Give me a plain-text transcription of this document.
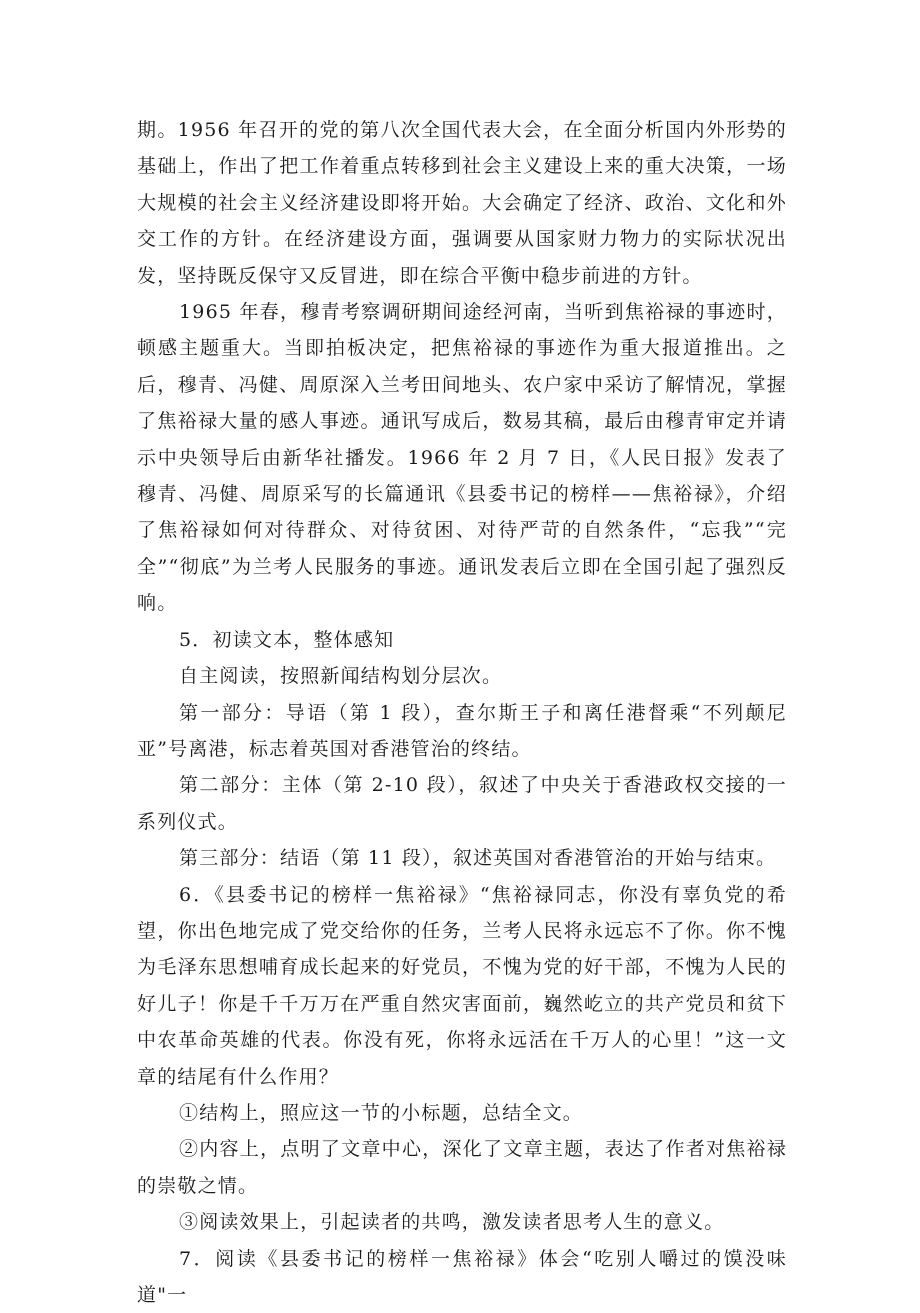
期。1956 年召开的党的第八次全国代表大会，在全面分析国内外形势的基础上，作出了把工作着重点转移到社会主义建设上来的重大决策，一场大规模的社会主义经济建设即将开始。大会确定了经济、政治、文化和外交工作的方针。在经济建设方面，强调要从国家财力物力的实际状况出发，坚持既反保守又反冒进，即在综合平衡中稳步前进的方针。

1965 年春，穆青考察调研期间途经河南，当听到焦裕禄的事迹时，顿感主题重大。当即拍板决定，把焦裕禄的事迹作为重大报道推出。之后，穆青、冯健、周原深入兰考田间地头、农户家中采访了解情况，掌握了焦裕禄大量的感人事迹。通讯写成后，数易其稿，最后由穆青审定并请示中央领导后由新华社播发。1966 年 2 月 7 日，《人民日报》发表了穆青、冯健、周原采写的长篇通讯《县委书记的榜样——焦裕禄》，介绍了焦裕禄如何对待群众、对待贫困、对待严苛的自然条件，“忘我”“完全”“彻底”为兰考人民服务的事迹。通讯发表后立即在全国引起了强烈反响。

5．初读文本，整体感知

自主阅读，按照新闻结构划分层次。

第一部分：导语（第 1 段），查尔斯王子和离任港督乘“不列颠尼亚”号离港，标志着英国对香港管治的终结。

第二部分：主体（第 2-10 段），叙述了中央关于香港政权交接的一系列仪式。

第三部分：结语（第 11 段），叙述英国对香港管治的开始与结束。

6．《县委书记的榜样一焦裕禄》“焦裕禄同志，你没有辜负党的希望，你出色地完成了党交给你的任务，兰考人民将永远忘不了你。你不愧为毛泽东思想哺育成长起来的好党员，不愧为党的好干部，不愧为人民的好儿子！你是千千万万在严重自然灾害面前，巍然屹立的共产党员和贫下中农革命英雄的代表。你没有死，你将永远活在千万人的心里！”这一文章的结尾有什么作用？

①结构上，照应这一节的小标题，总结全文。

②内容上，点明了文章中心，深化了文章主题，表达了作者对焦裕禄的崇敬之情。

③阅读效果上，引起读者的共鸣，激发读者思考人生的意义。

7．阅读《县委书记的榜样一焦裕禄》体会“吃别人嚼过的馍没味道"一
